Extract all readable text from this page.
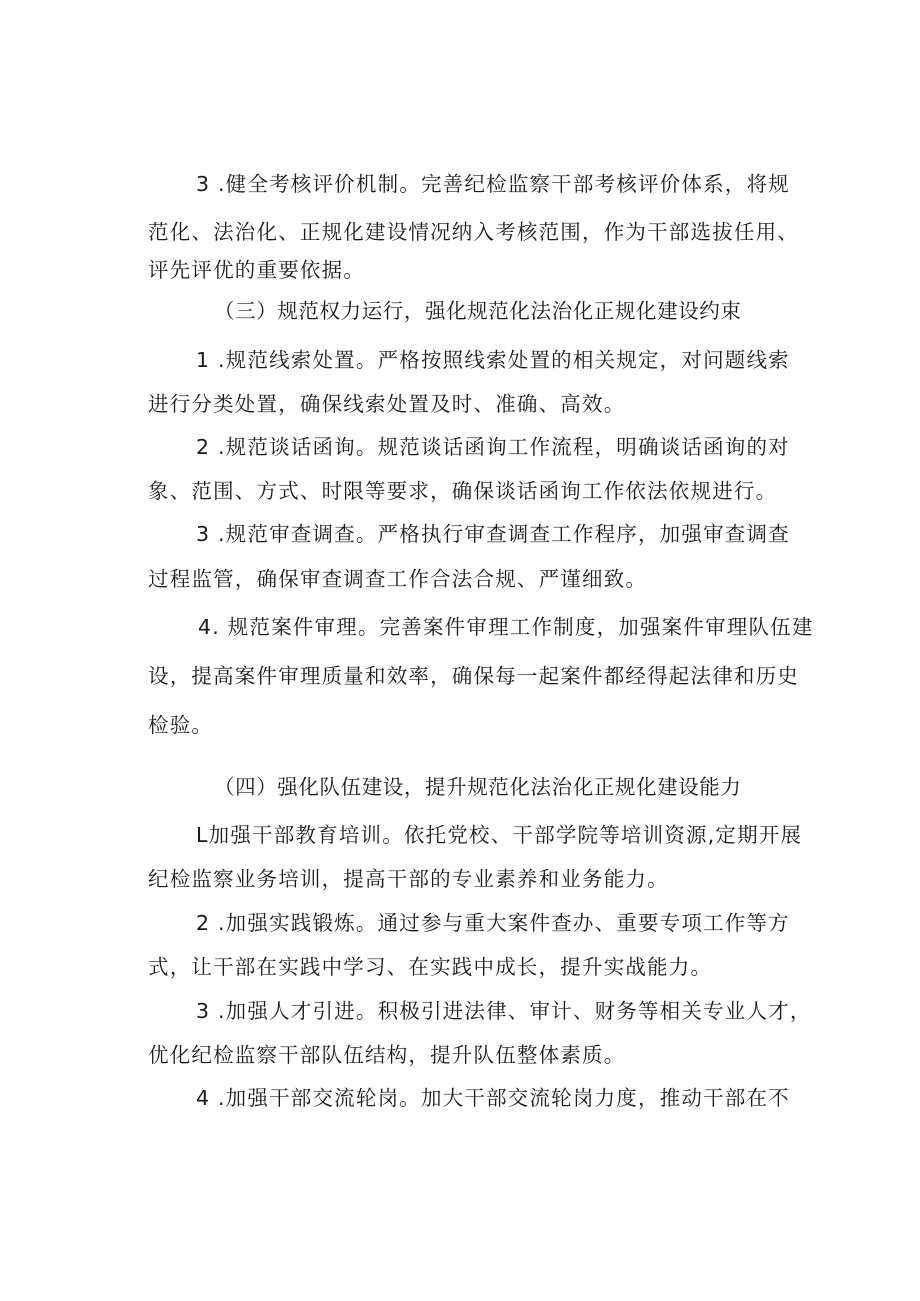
3 .健全考核评价机制。完善纪检监察干部考核评价体系，将规
范化、法治化、正规化建设情况纳入考核范围，作为干部选拔任用、
评先评优的重要依据。
（三）规范权力运行，强化规范化法治化正规化建设约束
1 .规范线索处置。严格按照线索处置的相关规定，对问题线索
进行分类处置，确保线索处置及时、准确、高效。
2 .规范谈话函询。规范谈话函询工作流程，明确谈话函询的对
象、范围、方式、时限等要求，确保谈话函询工作依法依规进行。
3 .规范审查调查。严格执行审查调查工作程序，加强审查调查
过程监管，确保审查调查工作合法合规、严谨细致。
4. 规范案件审理。完善案件审理工作制度，加强案件审理队伍建
设，提高案件审理质量和效率，确保每一起案件都经得起法律和历史
检验。
（四）强化队伍建设，提升规范化法治化正规化建设能力
L加强干部教育培训。依托党校、干部学院等培训资源,定期开展
纪检监察业务培训，提高干部的专业素养和业务能力。
2 .加强实践锻炼。通过参与重大案件查办、重要专项工作等方
式，让干部在实践中学习、在实践中成长，提升实战能力。
3 .加强人才引进。积极引进法律、审计、财务等相关专业人才，
优化纪检监察干部队伍结构，提升队伍整体素质。
4 .加强干部交流轮岗。加大干部交流轮岗力度，推动干部在不
